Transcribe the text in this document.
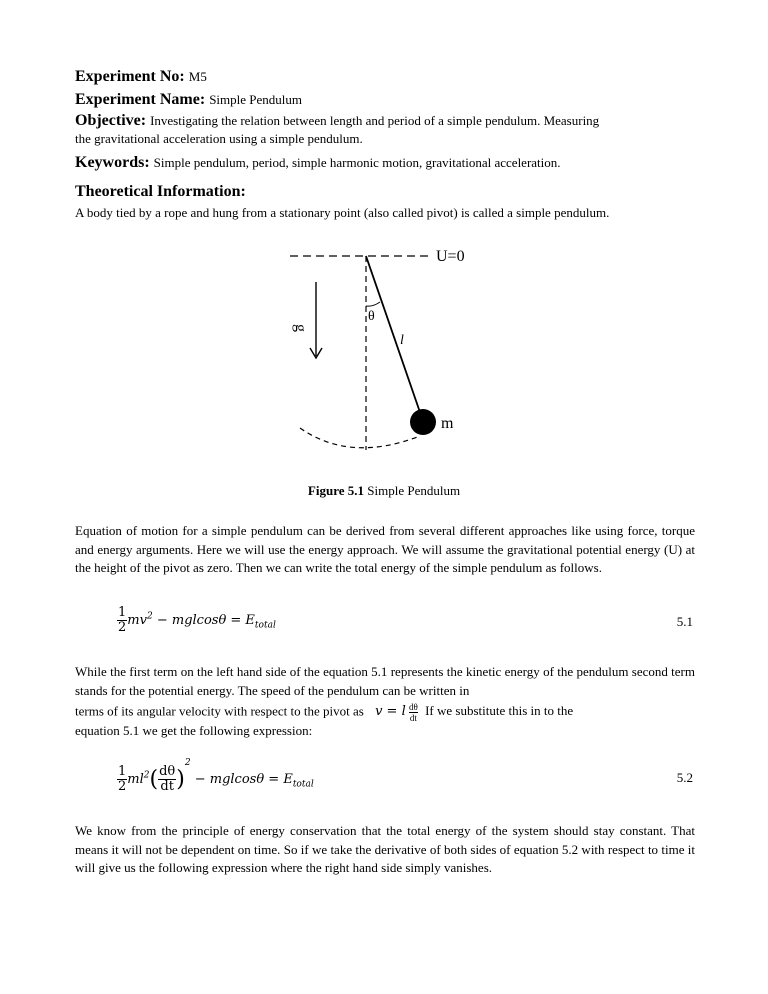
Experiment No: M5
Experiment Name: Simple Pendulum
Objective: Investigating the relation between length and period of a simple pendulum. Measuring
the gravitational acceleration using a simple pendulum.
Keywords: Simple pendulum, period, simple harmonic motion, gravitational acceleration.
Theoretical Information:
A body tied by a rope and hung from a stationary point (also called pivot) is called a simple pendulum.
U=0
θ
l
m
g
Figure 5.1 Simple Pendulum
Equation of motion for a simple pendulum can be derived from several different approaches like using force, torque and energy arguments. Here we will use the energy approach. We will assume the gravitational potential energy (U) at the height of the pivot as zero. Then we can write the total energy of the simple pendulum as follows.
$\frac{1}{2} mv^2 - mglcos\theta = E_{total}$	5.1
While the first term on the left hand side of the equation 5.1 represents the kinetic energy of the pendulum second term stands for the potential energy. The speed of the pendulum can be written in
terms of its angular velocity with respect to the pivot as v = l $\frac{d\theta}{dt}$ If we substitute this in to the
equation 5.1 we get the following expression:
$\frac{1}{2} ml^2( \frac{d\theta}{dt} )^2 - mglcos\theta = E_{total}$	5.2
We know from the principle of energy conservation that the total energy of the system should stay constant. That means it will not be dependent on time. So if we take the derivative of both sides of equation 5.2 with respect to time it will give us the following expression where the right hand side simply vanishes.
